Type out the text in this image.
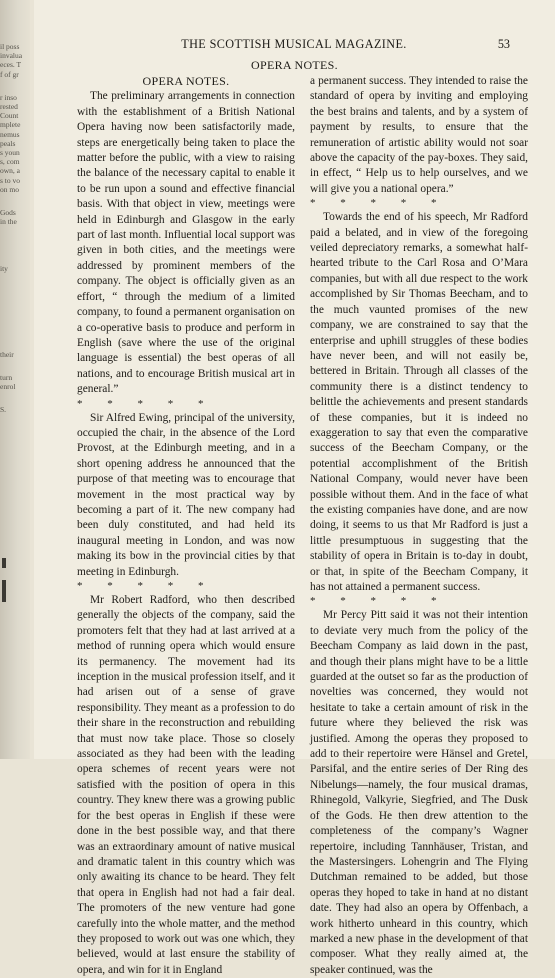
il poss
invalua
eces. T
f of gr
r inso
rested
Count
mplete
nemus
peals
s youn
s, com
own, a
s to vo
on mo
Gods
in the
ity
their
turn
enrol
S.
THE SCOTTISH MUSICAL MAGAZINE.	53
OPERA NOTES.
OPERA NOTES.

The preliminary arrangements in connection with the establishment of a British National Opera having now been satisfactorily made, steps are energetically being taken to place the matter before the public, with a view to raising the balance of the necessary capital to enable it to be run upon a sound and effective financial basis. With that object in view, meetings were held in Edinburgh and Glasgow in the early part of last month. Influential local support was given in both cities, and the meetings were addressed by prominent members of the company. The object is officially given as an effort, “ through the medium of a limited company, to found a permanent organisation on a co-operative basis to produce and perform in English (save where the use of the original language is essential) the best operas of all nations, and to encourage British musical art in general.”

* * * * *

Sir Alfred Ewing, principal of the university, occupied the chair, in the absence of the Lord Provost, at the Edinburgh meeting, and in a short opening address he announced that the purpose of that meeting was to encourage that movement in the most practical way by becoming a part of it. The new company had been duly constituted, and had held its inaugural meeting in London, and was now making its bow in the provincial cities by that meeting in Edinburgh.

* * * * *

Mr Robert Radford, who then described generally the objects of the company, said the promoters felt that they had at last arrived at a method of running opera which would ensure its permanency. The movement had its inception in the musical profession itself, and it had arisen out of a sense of grave responsibility. They meant as a profession to do their share in the reconstruction and rebuilding that must now take place. Those so closely associated as they had been with the leading opera schemes of recent years were not satisfied with the position of opera in this country. They knew there was a growing public for the best operas in English if these were done in the best possible way, and that there was an extraordinary amount of native musical and dramatic talent in this country which was only awaiting its chance to be heard. They felt that opera in English had not had a fair deal. The promoters of the new venture had gone carefully into the whole matter, and the method they proposed to work out was one which, they believed, would at last ensure the stability of opera, and win for it in England

a permanent success. They intended to raise the standard of opera by inviting and employing the best brains and talents, and by a system of payment by results, to ensure that the remuneration of artistic ability would not soar above the capacity of the pay-boxes. They said, in effect, “ Help us to help ourselves, and we will give you a national opera.”

* * * * *

Towards the end of his speech, Mr Radford paid a belated, and in view of the foregoing veiled depreciatory remarks, a somewhat half-hearted tribute to the Carl Rosa and O’Mara companies, but with all due respect to the work accomplished by Sir Thomas Beecham, and to the much vaunted promises of the new company, we are constrained to say that the enterprise and uphill struggles of these bodies have never been, and will not easily be, bettered in Britain. Through all classes of the community there is a distinct tendency to belittle the achievements and present standards of these companies, but it is indeed no exaggeration to say that even the comparative success of the Beecham Company, or the potential accomplishment of the British National Company, would never have been possible without them. And in the face of what the existing companies have done, and are now doing, it seems to us that Mr Radford is just a little presumptuous in suggesting that the stability of opera in Britain is to-day in doubt, or that, in spite of the Beecham Company, it has not attained a permanent success.

* * * * *

Mr Percy Pitt said it was not their intention to deviate very much from the policy of the Beecham Company as laid down in the past, and though their plans might have to be a little guarded at the outset so far as the production of novelties was concerned, they would not hesitate to take a certain amount of risk in the future where they believed the risk was justified. Among the operas they proposed to add to their repertoire were Hänsel and Gretel, Parsifal, and the entire series of Der Ring des Nibelungs—namely, the four musical dramas, Rhinegold, Valkyrie, Siegfried, and The Dusk of the Gods. He then drew attention to the completeness of the company’s Wagner repertoire, including Tannhäuser, Tristan, and the Mastersingers. Lohengrin and The Flying Dutchman remained to be added, but those operas they hoped to take in hand at no distant date. They had also an opera by Offenbach, a work hitherto unheard in this country, which marked a new phase in the development of that composer. What they really aimed at, the speaker continued, was the
